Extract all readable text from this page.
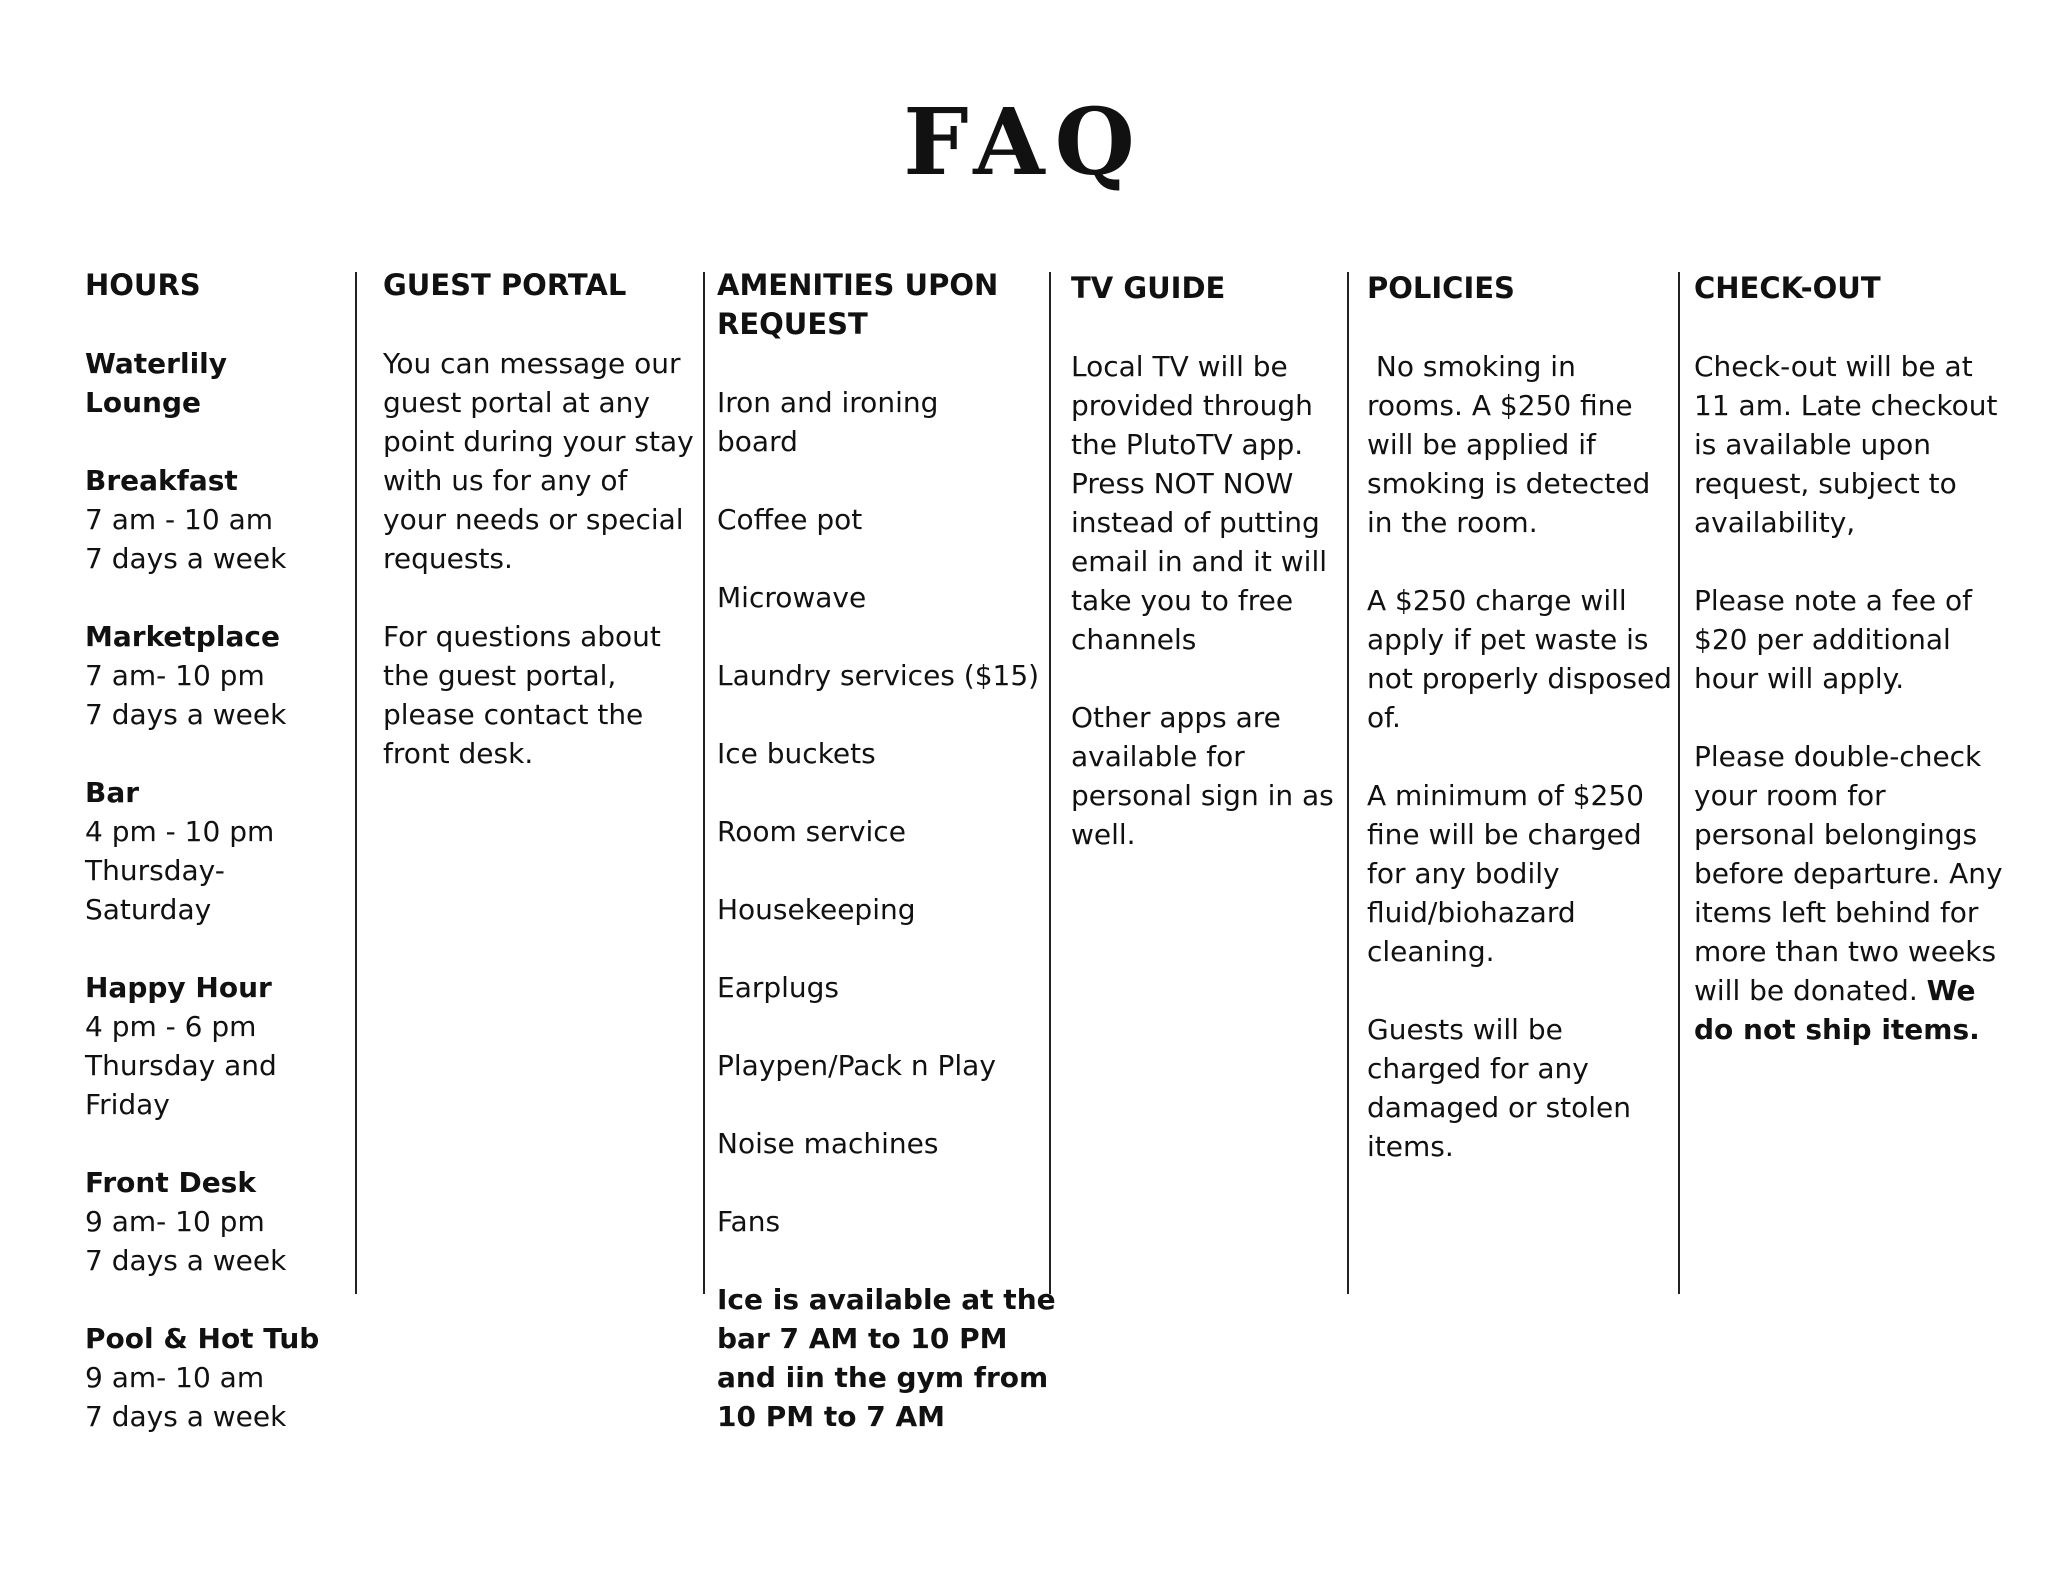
FAQ
HOURS
Waterlily Lounge
Breakfast
7 am - 10 am
7 days a week
Marketplace
7 am- 10 pm
7 days a week
Bar
4 pm - 10 pm
Thursday-
Saturday
Happy Hour
4 pm - 6 pm
Thursday and
Friday
Front Desk
9 am- 10 pm
7 days a week
Pool & Hot Tub
9 am- 10 am
7 days a week
GUEST PORTAL
You can message our guest portal at any point during your stay with us for any of your needs or special requests.
For questions about the guest portal, please contact the front desk.
AMENITIES UPON REQUEST
Iron and ironing board
Coffee pot
Microwave
Laundry services ($15)
Ice buckets
Room service
Housekeeping
Earplugs
Playpen/Pack n Play
Noise machines
Fans
Ice is available at the bar 7 AM to 10 PM and iin the gym from 10 PM to 7 AM
TV GUIDE
Local TV will be provided through the PlutoTV app. Press NOT NOW instead of putting email in and it will take you to free channels
Other apps are available for personal sign in as well.
POLICIES
No smoking in rooms. A $250 fine will be applied if smoking is detected in the room.
A $250 charge will apply if pet waste is not properly disposed of.
A minimum of $250 fine will be charged for any bodily fluid/biohazard cleaning.
Guests will be charged for any damaged or stolen items.
CHECK-OUT
Check-out will be at 11 am. Late checkout is available upon request, subject to availability,
Please note a fee of $20 per additional hour will apply.
Please double-check your room for personal belongings before departure. Any items left behind for more than two weeks will be donated. We do not ship items.
